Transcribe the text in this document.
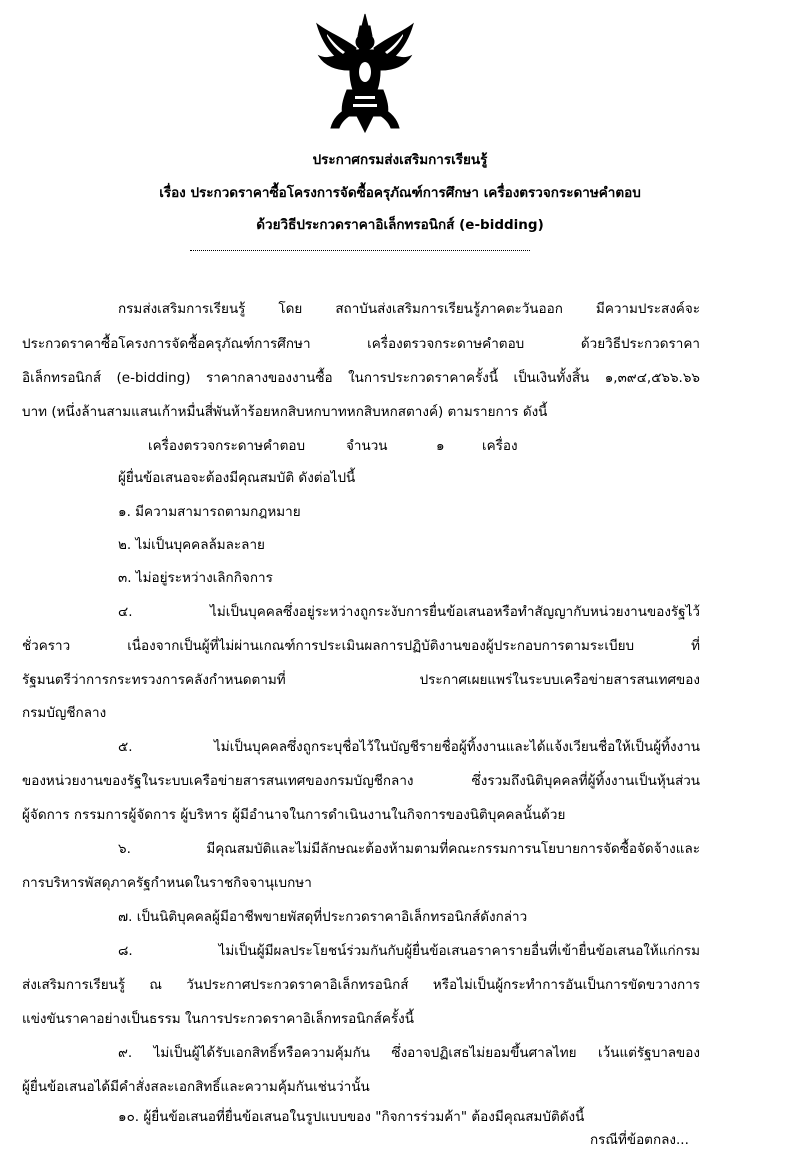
ประกาศกรมส่งเสริมการเรียนรู้
เรื่อง ประกวดราคาซื้อโครงการจัดซื้อครุภัณฑ์การศึกษา เครื่องตรวจกระดาษคำตอบ
ด้วยวิธีประกวดราคาอิเล็กทรอนิกส์ (e-bidding)
กรมส่งเสริมการเรียนรู้ โดย สถาบันส่งเสริมการเรียนรู้ภาคตะวันออก มีความประสงค์จะ
ประกวดราคาซื้อโครงการจัดซื้อครุภัณฑ์การศึกษา เครื่องตรวจกระดาษคำตอบ ด้วยวิธีประกวดราคา
อิเล็กทรอนิกส์ (e-bidding) ราคากลางของงานซื้อ ในการประกวดราคาครั้งนี้ เป็นเงินทั้งสิ้น ๑,๓๙๔,๕๖๖.๖๖
บาท (หนึ่งล้านสามแสนเก้าหมื่นสี่พันห้าร้อยหกสิบหกบาทหกสิบหกสตางค์) ตามรายการ ดังนี้
เครื่องตรวจกระดาษคำตอบ	จำนวน	๑	เครื่อง
ผู้ยื่นข้อเสนอจะต้องมีคุณสมบัติ ดังต่อไปนี้
๑. มีความสามารถตามกฎหมาย
๒. ไม่เป็นบุคคลล้มละลาย
๓. ไม่อยู่ระหว่างเลิกกิจการ
๔. ไม่เป็นบุคคลซึ่งอยู่ระหว่างถูกระงับการยื่นข้อเสนอหรือทำสัญญากับหน่วยงานของรัฐไว้
ชั่วคราว เนื่องจากเป็นผู้ที่ไม่ผ่านเกณฑ์การประเมินผลการปฏิบัติงานของผู้ประกอบการตามระเบียบ ที่
รัฐมนตรีว่าการกระทรวงการคลังกำหนดตามที่ ประกาศเผยแพร่ในระบบเครือข่ายสารสนเทศของ
กรมบัญชีกลาง
๕. ไม่เป็นบุคคลซึ่งถูกระบุชื่อไว้ในบัญชีรายชื่อผู้ทิ้งงานและได้แจ้งเวียนชื่อให้เป็นผู้ทิ้งงาน
ของหน่วยงานของรัฐในระบบเครือข่ายสารสนเทศของกรมบัญชีกลาง ซึ่งรวมถึงนิติบุคคลที่ผู้ทิ้งงานเป็นหุ้นส่วน
ผู้จัดการ กรรมการผู้จัดการ ผู้บริหาร ผู้มีอำนาจในการดำเนินงานในกิจการของนิติบุคคลนั้นด้วย
๖. มีคุณสมบัติและไม่มีลักษณะต้องห้ามตามที่คณะกรรมการนโยบายการจัดซื้อจัดจ้างและ
การบริหารพัสดุภาครัฐกำหนดในราชกิจจานุเบกษา
๗. เป็นนิติบุคคลผู้มีอาชีพขายพัสดุที่ประกวดราคาอิเล็กทรอนิกส์ดังกล่าว
๘. ไม่เป็นผู้มีผลประโยชน์ร่วมกันกับผู้ยื่นข้อเสนอราคารายอื่นที่เข้ายื่นข้อเสนอให้แก่กรม
ส่งเสริมการเรียนรู้ ณ วันประกาศประกวดราคาอิเล็กทรอนิกส์ หรือไม่เป็นผู้กระทำการอันเป็นการขัดขวางการ
แข่งขันราคาอย่างเป็นธรรม ในการประกวดราคาอิเล็กทรอนิกส์ครั้งนี้
๙. ไม่เป็นผู้ได้รับเอกสิทธิ์หรือความคุ้มกัน ซึ่งอาจปฏิเสธไม่ยอมขึ้นศาลไทย เว้นแต่รัฐบาลของ
ผู้ยื่นข้อเสนอได้มีคำสั่งสละเอกสิทธิ์และความคุ้มกันเช่นว่านั้น
๑๐. ผู้ยื่นข้อเสนอที่ยื่นข้อเสนอในรูปแบบของ "กิจการร่วมค้า" ต้องมีคุณสมบัติดังนี้
กรณีที่ข้อตกลง...
